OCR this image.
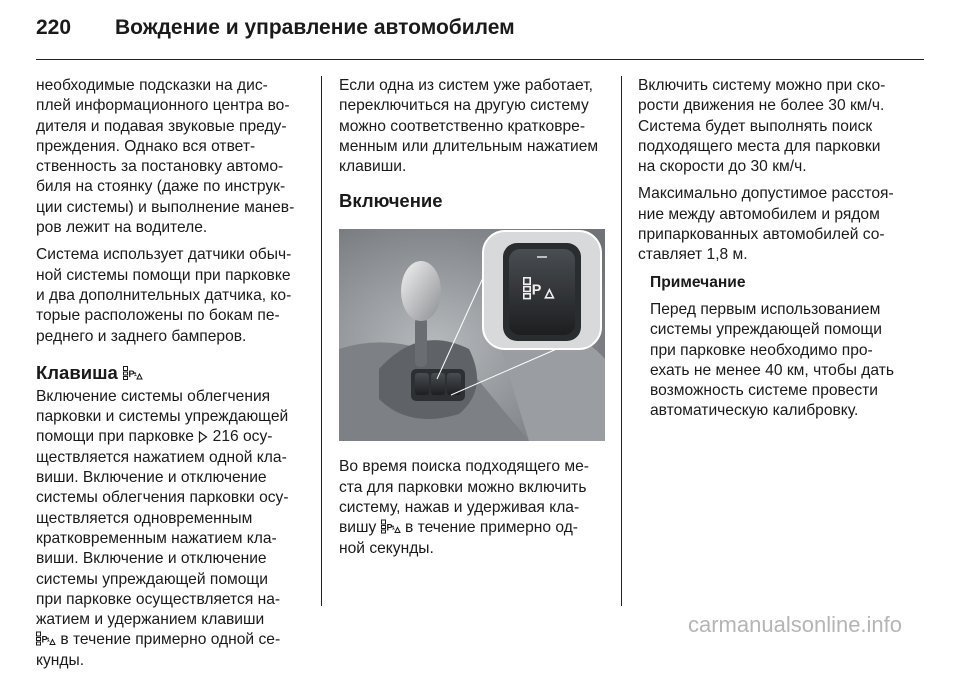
220 Вождение и управление автомобилем

необходимые подсказки на дис-
плей информационного центра во-
дителя и подавая звуковые преду-
преждения. Однако вся ответ-
ственность за постановку автомо-
биля на стоянку (даже по инструк-
ции системы) и выполнение манев-
ров лежит на водителе.

Система использует датчики обыч-
ной системы помощи при парковке
и два дополнительных датчика, ко-
торые расположены по бокам пе-
реднего и заднего бамперов.

Клавиша

Включение системы облегчения
парковки и системы упреждающей
помощи при парковке 216 осу-
ществляется нажатием одной кла-
виши. Включение и отключение
системы облегчения парковки осу-
ществляется одновременным
кратковременным нажатием кла-
виши. Включение и отключение
системы упреждающей помощи
при парковке осуществляется на-
жатием и удержанием клавиши
в течение примерно одной се-
кунды.

Если одна из систем уже работает,
переключиться на другую систему
можно соответственно кратковре-
менным или длительным нажатием
клавиши.

Включение
P

Во время поиска подходящего ме-
ста для парковки можно включить
систему, нажав и удерживая кла-
вишу в течение примерно од-
ной секунды.

Включить систему можно при ско-
рости движения не более 30 км/ч.
Система будет выполнять поиск
подходящего места для парковки
на скорости до 30 км/ч.

Максимально допустимое расстоя-
ние между автомобилем и рядом
припаркованных автомобилей со-
ставляет 1,8 м.

Примечание

Перед первым использованием
системы упреждающей помощи
при парковке необходимо про-
ехать не менее 40 км, чтобы дать
возможность системе провести
автоматическую калибровку.

carmanualsonline.info
